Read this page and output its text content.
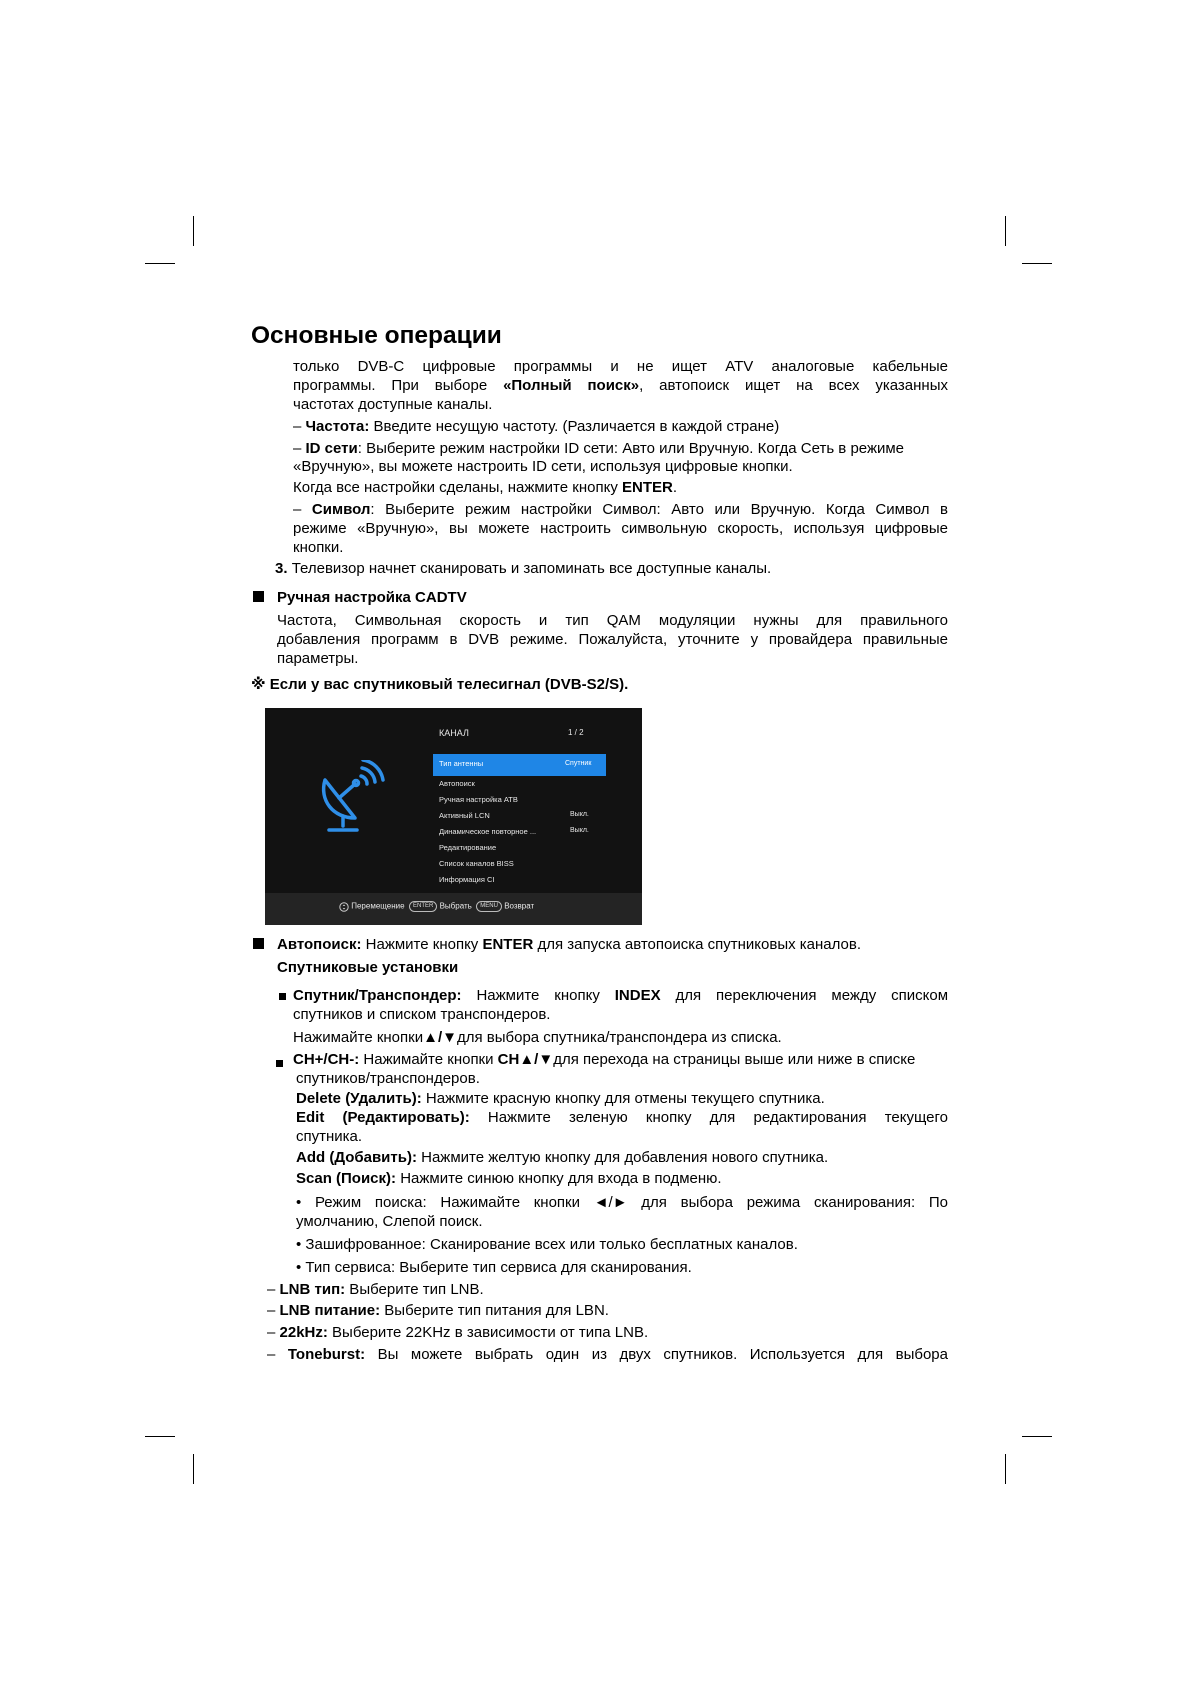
Основные операции
только DVB-C цифровые программы и не ищет ATV аналоговые кабельные
программы. При выборе «Полный поиск», автопоиск ищет на всех указанных
частотах доступные каналы.
– Частота: Введите несущую частоту. (Различается в каждой стране)
– ID сети: Выберите режим настройки ID сети: Авто или Вручную. Когда Сеть в режиме
«Вручную», вы можете настроить ID сети, используя цифровые кнопки.
Когда все настройки сделаны, нажмите кнопку ENTER.
– Символ: Выберите режим настройки Символ: Авто или Вручную. Когда Символ в
режиме «Вручную», вы можете настроить символьную скорость, используя цифровые
кнопки.
3. Телевизор начнет сканировать и запоминать все доступные каналы.
Ручная настройка CADTV
Частота, Символьная скорость и тип QAM модуляции нужны для правильного
добавления программ в DVB режиме. Пожалуйста, уточните у провайдера правильные
параметры.
※ Если у вас спутниковый телесигнал (DVB-S2/S).
КАНАЛ	1 / 2
Тип антенны	Спутник
Автопоиск
Ручная настройка АТВ
Активный LCN	Выкл.
Динамическое повторное ...	Выкл.
Редактирование
Список каналов BISS
Информация CI
Перемещение ENTER Выбрать MENU Возврат
Автопоиск: Нажмите кнопку ENTER для запуска автопоиска спутниковых каналов.
Спутниковые установки
Спутник/Транспондер: Нажмите кнопку INDEX для переключения между списком
спутников и списком транспондеров.
Нажимайте кнопки▲/▼для выбора спутника/транспондера из списка.
CH+/CH-: Нажимайте кнопки CH▲/▼для перехода на страницы выше или ниже в списке
спутников/транспондеров.
Delete (Удалить): Нажмите красную кнопку для отмены текущего спутника.
Edit (Редактировать): Нажмите зеленую кнопку для редактирования текущего
спутника.
Add (Добавить): Нажмите желтую кнопку для добавления нового спутника.
Scan (Поиск): Нажмите синюю кнопку для входа в подменю.
• Режим поиска: Нажимайте кнопки ◄/► для выбора режима сканирования: По
умолчанию, Слепой поиск.
• Зашифрованное: Сканирование всех или только бесплатных каналов.
• Тип сервиса: Выберите тип сервиса для сканирования.
– LNB тип: Выберите тип LNB.
– LNB питание: Выберите тип питания для LBN.
– 22kHz: Выберите 22KHz в зависимости от типа LNB.
– Toneburst: Вы можете выбрать один из двух спутников. Используется для выбора
